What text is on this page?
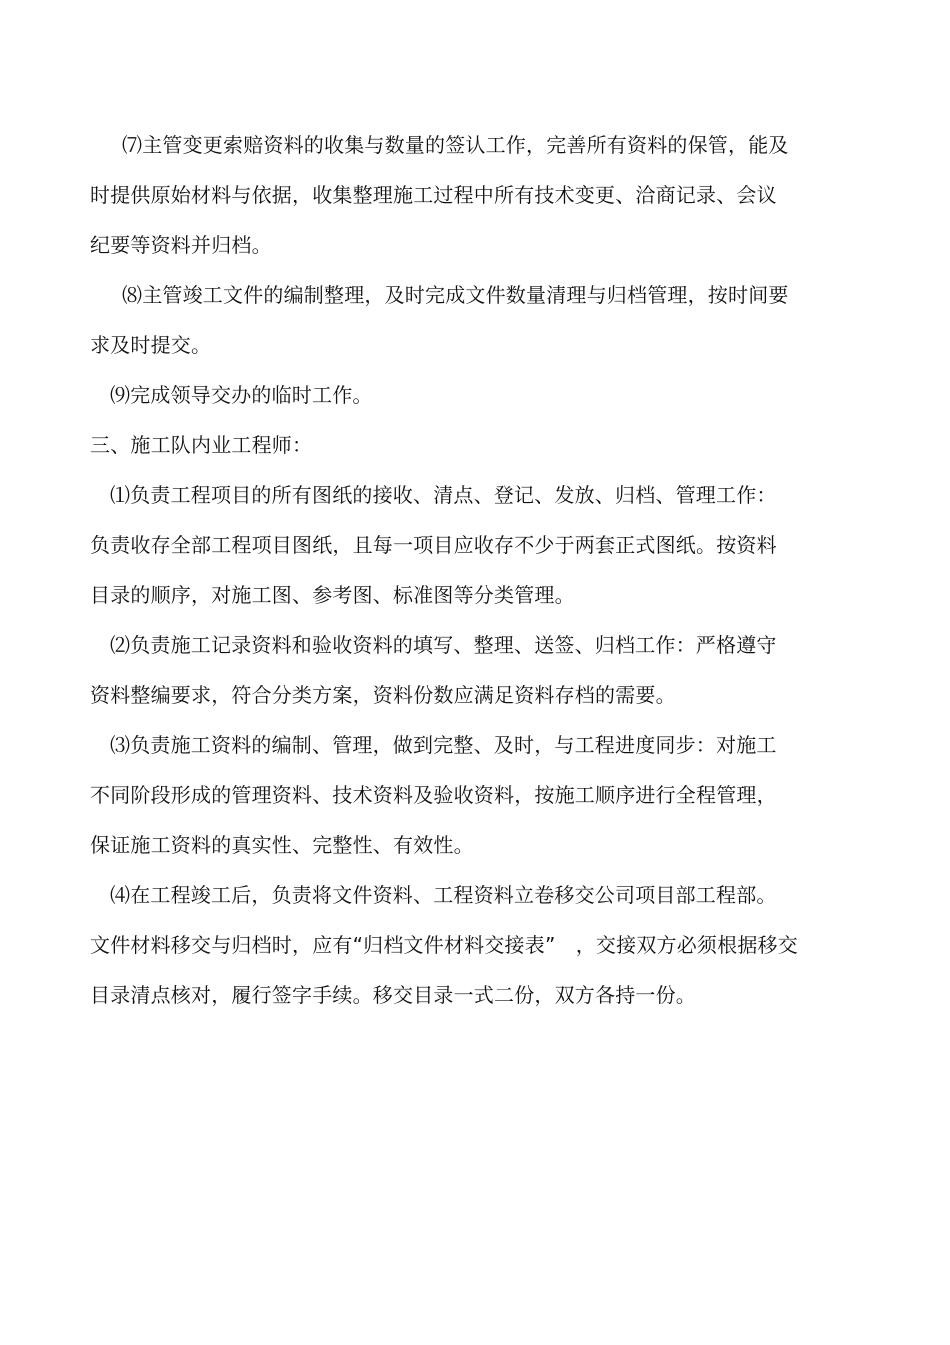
⑺主管变更索赔资料的收集与数量的签认工作，完善所有资料的保管，能及
时提供原始材料与依据，收集整理施工过程中所有技术变更、洽商记录、会议
纪要等资料并归档。
⑻主管竣工文件的编制整理，及时完成文件数量清理与归档管理，按时间要
求及时提交。
⑼完成领导交办的临时工作。
三、施工队内业工程师：
⑴负责工程项目的所有图纸的接收、清点、登记、发放、归档、管理工作：
负责收存全部工程项目图纸，且每一项目应收存不少于两套正式图纸。按资料
目录的顺序，对施工图、参考图、标准图等分类管理。
⑵负责施工记录资料和验收资料的填写、整理、送签、归档工作：严格遵守
资料整编要求，符合分类方案，资料份数应满足资料存档的需要。
⑶负责施工资料的编制、管理，做到完整、及时，与工程进度同步：对施工
不同阶段形成的管理资料、技术资料及验收资料，按施工顺序进行全程管理，
保证施工资料的真实性、完整性、有效性。
⑷在工程竣工后，负责将文件资料、工程资料立卷移交公司项目部工程部。
文件材料移交与归档时，应有“归档文件材料交接表”　，交接双方必须根据移交
目录清点核对，履行签字手续。移交目录一式二份，双方各持一份。
